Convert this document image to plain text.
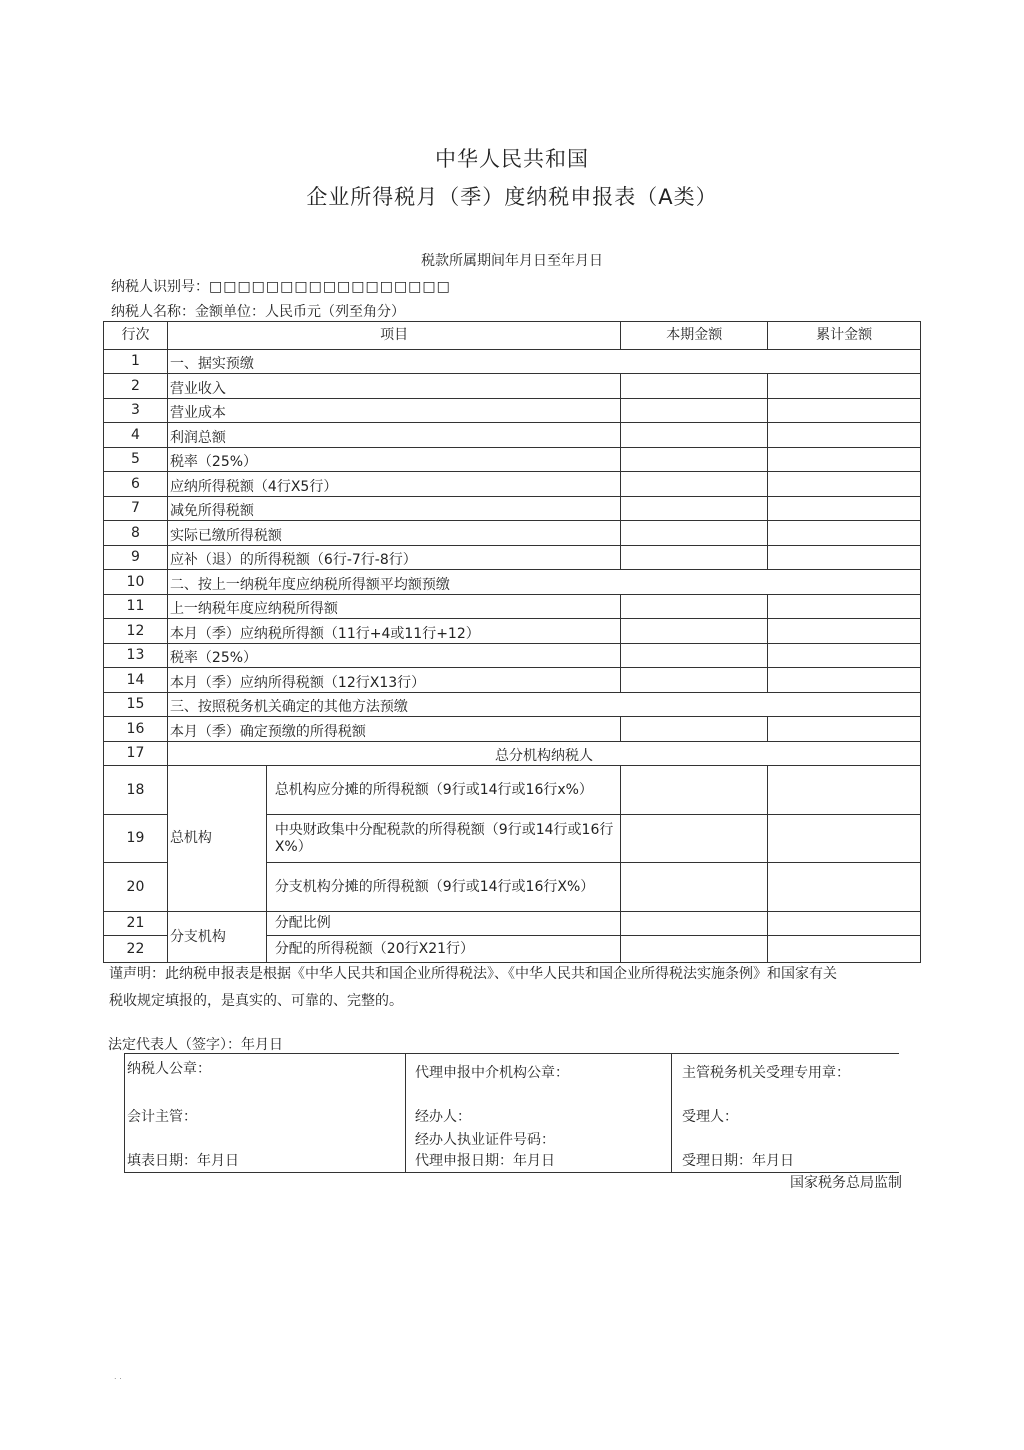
中华人民共和国
企业所得税月（季）度纳税申报表（A类）
税款所属期间年月日至年月日
纳税人识别号：□□□□□□□□□□□□□□□□□
纳税人名称：金额单位：人民币元（列至角分）
行次	项目		本期金额	累计金额
1	一、据实预缴			
2	营业收入			
3	营业成本			
4	利润总额			
5	税率（25%）			
6	应纳所得税额（4行X5行）			
7	减免所得税额			
8	实际已缴所得税额			
9	应补（退）的所得税额（6行-7行-8行）			
10	二、按上一纳税年度应纳税所得额平均额预缴			
11	上一纳税年度应纳税所得额			
12	本月（季）应纳税所得额（11行+4或11行+12）			
13	税率（25%）			
14	本月（季）应纳所得税额（12行X13行）			
15	三、按照税务机关确定的其他方法预缴			
16	本月（季）确定预缴的所得税额			
17	总分机构纳税人			
18	总机构	总机构应分摊的所得税额（9行或14行或16行x%）		
19		中央财政集中分配税款的所得税额（9行或14行或16行X%）		
20		分支机构分摊的所得税额（9行或14行或16行X%）		
21	分支机构	分配比例		
22		分配的所得税额（20行X21行）		
谨声明：此纳税申报表是根据《中华人民共和国企业所得税法》、《中华人民共和国企业所得税法实施条例》和国家有关税收规定填报的，是真实的、可靠的、完整的。
法定代表人（签字）：年月日
纳税人公章：
会计主管：
填表日期：年月日

代理申报中介机构公章：
经办人：
经办人执业证件号码：
代理申报日期：年月日

主管税务机关受理专用章：
受理人：
受理日期：年月日
国家税务总局监制
. .
